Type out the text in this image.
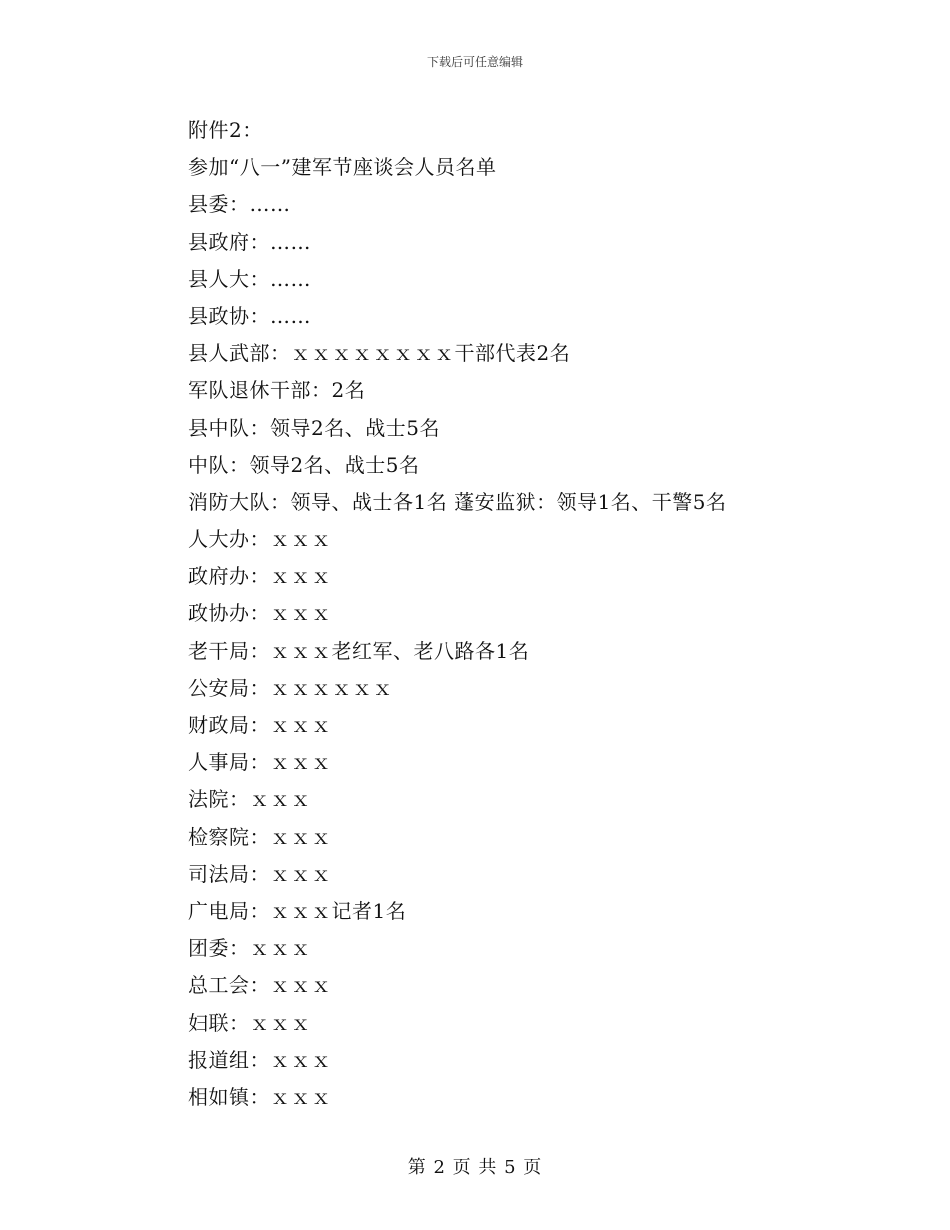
下载后可任意编辑
附件2：
参加“八一”建军节座谈会人员名单
县委：……
县政府：……
县人大：……
县政协：……
县人武部：ｘｘｘｘｘｘｘｘ干部代表2名
军队退休干部：2名
县中队：领导2名、战士5名
中队：领导2名、战士5名
消防大队：领导、战士各1名 蓬安监狱：领导1名、干警5名
人大办：ｘｘｘ
政府办：ｘｘｘ
政协办：ｘｘｘ
老干局：ｘｘｘ老红军、老八路各1名
公安局：ｘｘｘｘｘｘ
财政局：ｘｘｘ
人事局：ｘｘｘ
法院：ｘｘｘ
检察院：ｘｘｘ
司法局：ｘｘｘ
广电局：ｘｘｘ记者1名
团委：ｘｘｘ
总工会：ｘｘｘ
妇联：ｘｘｘ
报道组：ｘｘｘ
相如镇：ｘｘｘ
第 2 页 共 5 页
